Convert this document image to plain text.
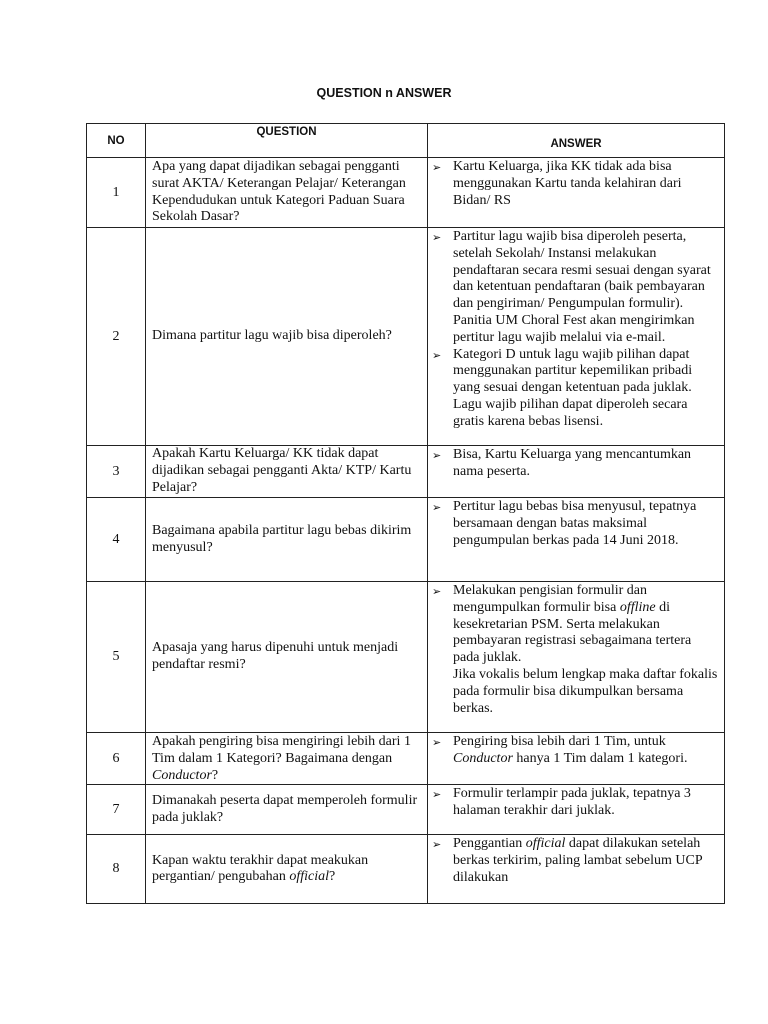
QUESTION n ANSWER
NO	QUESTION	ANSWER
1	Apa yang dapat dijadikan sebagai pengganti surat AKTA/ Keterangan Pelajar/ Keterangan Kependudukan untuk Kategori Paduan Suara Sekolah Dasar?	➢ Kartu Keluarga, jika KK tidak ada bisa menggunakan Kartu tanda kelahiran dari Bidan/ RS

2	Dimana partitur lagu wajib bisa diperoleh?	➢ Partitur lagu wajib bisa diperoleh peserta, setelah Sekolah/ Instansi melakukan pendaftaran secara resmi sesuai dengan syarat dan ketentuan pendaftaran (baik pembayaran dan pengiriman/ Pengumpulan formulir). Panitia UM Choral Fest akan mengirimkan pertitur lagu wajib melalui via e-mail.
➢ Kategori D untuk lagu wajib pilihan dapat menggunakan partitur kepemilikan pribadi yang sesuai dengan ketentuan pada juklak. Lagu wajib pilihan dapat diperoleh secara gratis karena bebas lisensi.

3	Apakah Kartu Keluarga/ KK tidak dapat dijadikan sebagai pengganti Akta/ KTP/ Kartu Pelajar?	➢ Bisa, Kartu Keluarga yang mencantumkan nama peserta.

4	Bagaimana apabila partitur lagu bebas dikirim menyusul?	➢ Pertitur lagu bebas bisa menyusul, tepatnya bersamaan dengan batas maksimal pengumpulan berkas pada 14 Juni 2018.

5	Apasaja yang harus dipenuhi untuk menjadi pendaftar resmi?	➢ Melakukan pengisian formulir dan mengumpulkan formulir bisa offline di kesekretarian PSM. Serta melakukan pembayaran registrasi sebagaimana tertera pada juklak.
Jika vokalis belum lengkap maka daftar fokalis pada formulir bisa dikumpulkan bersama berkas.

6	Apakah pengiring bisa mengiringi lebih dari 1 Tim dalam 1 Kategori? Bagaimana dengan Conductor?	➢ Pengiring bisa lebih dari 1 Tim, untuk Conductor hanya 1 Tim dalam 1 kategori.

7	Dimanakah peserta dapat memperoleh formulir pada juklak?	➢ Formulir terlampir pada juklak, tepatnya 3 halaman terakhir dari juklak.

8	Kapan waktu terakhir dapat meakukan pergantian/ pengubahan official?	➢ Penggantian official dapat dilakukan setelah berkas terkirim, paling lambat sebelum UCP dilakukan
